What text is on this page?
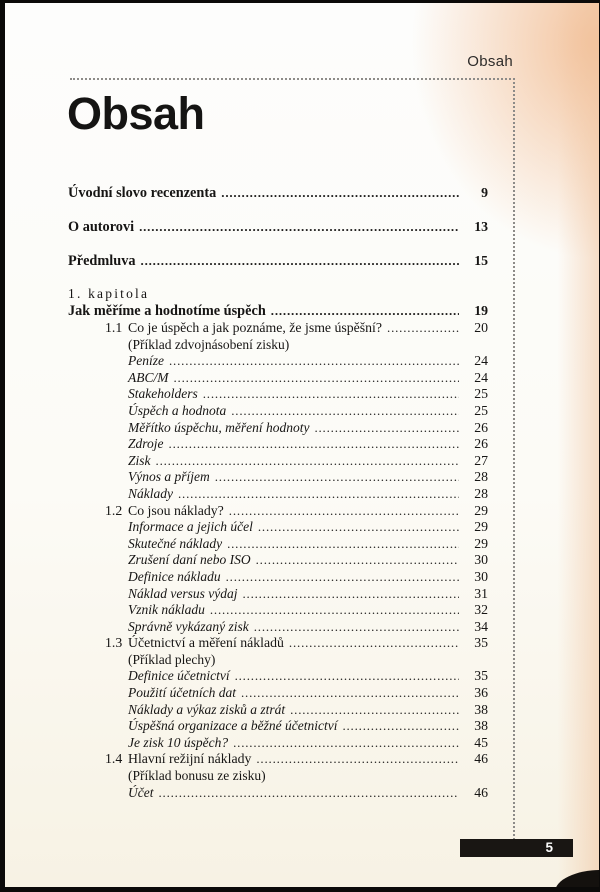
Obsah
Obsah
Úvodní slovo recenzenta .....	9
O autorovi .....	13
Předmluva .....	15
1. kapitola
Jak měříme a hodnotíme úspěch .....	19
1.1 Co je úspěch a jak poznáme, že jsme úspěšní? .....	20
(Příklad zdvojnásobení zisku)
Peníze .....	24
ABC/M .....	24
Stakeholders .....	25
Úspěch a hodnota .....	25
Měřítko úspěchu, měření hodnoty .....	26
Zdroje .....	26
Zisk .....	27
Výnos a příjem .....	28
Náklady .....	28
1.2 Co jsou náklady? .....	29
Informace a jejich účel .....	29
Skutečné náklady .....	29
Zrušení daní nebo ISO .....	30
Definice nákladu .....	30
Náklad versus výdaj .....	31
Vznik nákladu .....	32
Správně vykázaný zisk .....	34
1.3 Účetnictví a měření nákladů .....	35
(Příklad plechy)
Definice účetnictví .....	35
Použití účetních dat .....	36
Náklady a výkaz zisků a ztrát .....	38
Úspěšná organizace a běžné účetnictví .....	38
Je zisk 10 úspěch? .....	45
1.4 Hlavní režijní náklady .....	46
(Příklad bonusu ze zisku)
Účet .....	46
5
